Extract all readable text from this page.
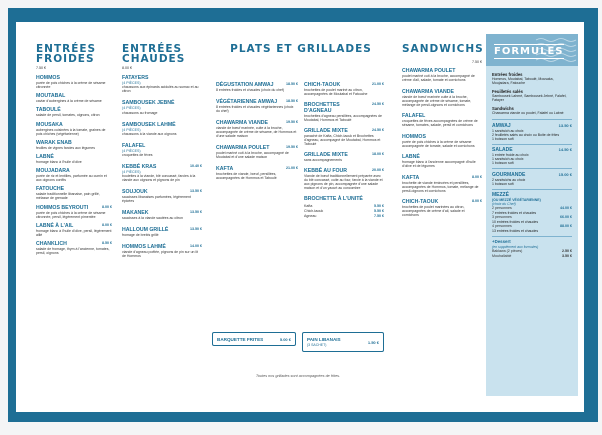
ENTRÉES FROIDES
7.50 €
HOMMOS
purée de pois chiches à la crème de sésame citronnée
MOUTABAL
caviar d'aubergines à la crème de sésame
TABOULÉ
salade de persil, tomates, oignons, citron
MOUSAKA
aubergines cuisinées à la tomate, graines de pois chiches (végétarienne)
WARAK ENAB
feuilles de vignes farcies aux légumes
LABNÉ
fromage blanc à l'huile d'olive
MOUJADARA
purée de riz et lentilles, parfumée au cumin et aux oignons confits
FATOUCHE
salade traditionnelle libanaise, pain grillé, mélasse de grenade
HOMMOS BEYROUTI	8.00 €
purée de pois chiches à la crème de sésame citronnée, persil, légèrement pimentée
LABNÉ À L'AIL	8.00 €
fromage blanc à l'huile d'olive, persil, légèrement aillé
CHANKLICH	8.50 €
salade de fromage, thym à l'ancienne, tomates, persil, oignons
ENTRÉES CHAUDES
8.00 €
FATAYERS
(4 PIÈCES)
chaussons aux épinards acidulés au sumac et au citron
SAMBOUSEK JEBNÉ
(4 PIÈCES)
chaussons au fromage
SAMBOUSEK LAHMÉ
(4 PIÈCES)
chaussons à la viande aux oignons
FALAFEL
(4 PIÈCES)
croquettes de fèves
KEBBÉ KRAS
(4 PIÈCES)
10.40 €
boulettes à la viande, blé concassé, farcies à la viande aux oignons et pignons de pin
SOUJOUK	13.50 €
saucisses libanaises parfumées, légèrement épicées
MAKANEK	13.50 €
saucisses à la viande sautées au citron
HALLOUM GRILLÉ	13.50 €
fromage de brebis grillé
HOMMOS LAHMÉ	14.00 €
viande d'agneau poêlée, pignons de pin sur un lit de Hommos
PLATS ET GRILLADES
DÉGUSTATION AMWAJ	18.50 €
8 entrées froides et chaudes (choix du chef)
VÉGÉTARIENNE AMWAJ	18.50 €
8 entrées froides et chaudes végétariennes (choix du chef)
CHAWARMA VIANDE	19.50 €
viande de bœuf marinée, cuite à la broche, accompagnée de crème de sésame, de Hommos et d'une salade maison
CHAWARMA POULET	19.50 €
poulet mariné cuit à la broche, accompagné de Moutabal et d'une salade maison
KAFTA	21.00 €
brochettes de viande, bœuf, persillées, accompagnées de Hommos et Taboulé
CHICH-TAOUK	21.00 €
brochettes de poulet mariné au citron, accompagnées de Moutabal et Fatouche
BROCHETTES D'AGNEAU
24.50 €
brochettes d'agneau persillées, accompagnées de Moutabal, Hommos et Taboulé
GRILLADE MIXTE	24.50 €
panaché de Kafta, Chich-taouk et Brochettes d'agneau, accompagné de Moutabal, Hommos et Taboulé
GRILLADE MIXTE	18.00 €
sans accompagnements
KEBBÉ AU FOUR	20.00 €
Viande de bœuf traditionnellement préparée avec du blé concassé, cuite au four, farcie à la viande et aux pignons de pin, accompagnée d'une salade maison et d'un yaourt au concombre
BROCHETTE À L'UNITÉ
Kafta	5.50 €
Chich-taouk	5.50 €
Agneau	7.50 €
BARQUETTE FRITES	5.00 €	PAIN LIBANAIS
(3 SACHET)
1.50 €
Toutes nos grillades sont accompagnées de frites.
SANDWICHS
7.50 €
CHAWARMA POULET
poulet mariné cuit à la broche, accompagné de crème d'ail, salade, tomate et cornichons
CHAWARMA VIANDE
viande de bœuf marinée cuite à la broche, accompagnée de crème de sésame, tomate, mélange de persil-oignons et cornichons
FALAFEL
croquettes de fèves accompagnées de crème de sésame, tomates, salade, persil et cornichons
HOMMOS
purée de pois chiches à la crème de sésame accompagnée de tomate, salade et cornichons
LABNÉ
fromage blanc à l'ancienne accompagné d'huile d'olive et de légumes
KAFTA	8.00 €
brochette de viande émincées et persillées, accompagnées de Hommos, tomate, mélange de persil-oignons et cornichons
CHICH-TAOUK	8.00 €
brochettes de poulet marinées au citron, accompagnées de crème d'ail, salade et cornichons
FORMULES
Entrées froides
Hommos, Moutabal, Taboulé, Mousaka, Moujadara, Fatouche
Feuilletés salés
Sambousek Lahmé, Sambousek Jebné, Falafel, Fatayer
Sandwichs
Chawarma viande ou poulet, Falafel ou Labné
AMWAJ	13.50 €
1 sandwich au choix
2 feuilletés salés au choix ou Boite de frites
1 boisson soft
SALADE	14.50 €
1 entrée froide au choix
1 sandwich au choix
1 boisson soft
GOURMANDE	15.00 €
2 sandwichs au choix
1 boisson soft
MEZZÉ
(OU MEZZÉ VÉGÉTARIENNE)
(choix du Chef)
2 personnes	44.00 €
7 entrées froides et chaudes
3 personnes	66.00 €
10 entrées froides et chaudes
4 personnes	88.00 €
13 entrées froides et chaudes
+Dessert
(en supplément aux formules)
Baklawa (2 pièces)	2.50 €
Mouhallabié	3.50 €
